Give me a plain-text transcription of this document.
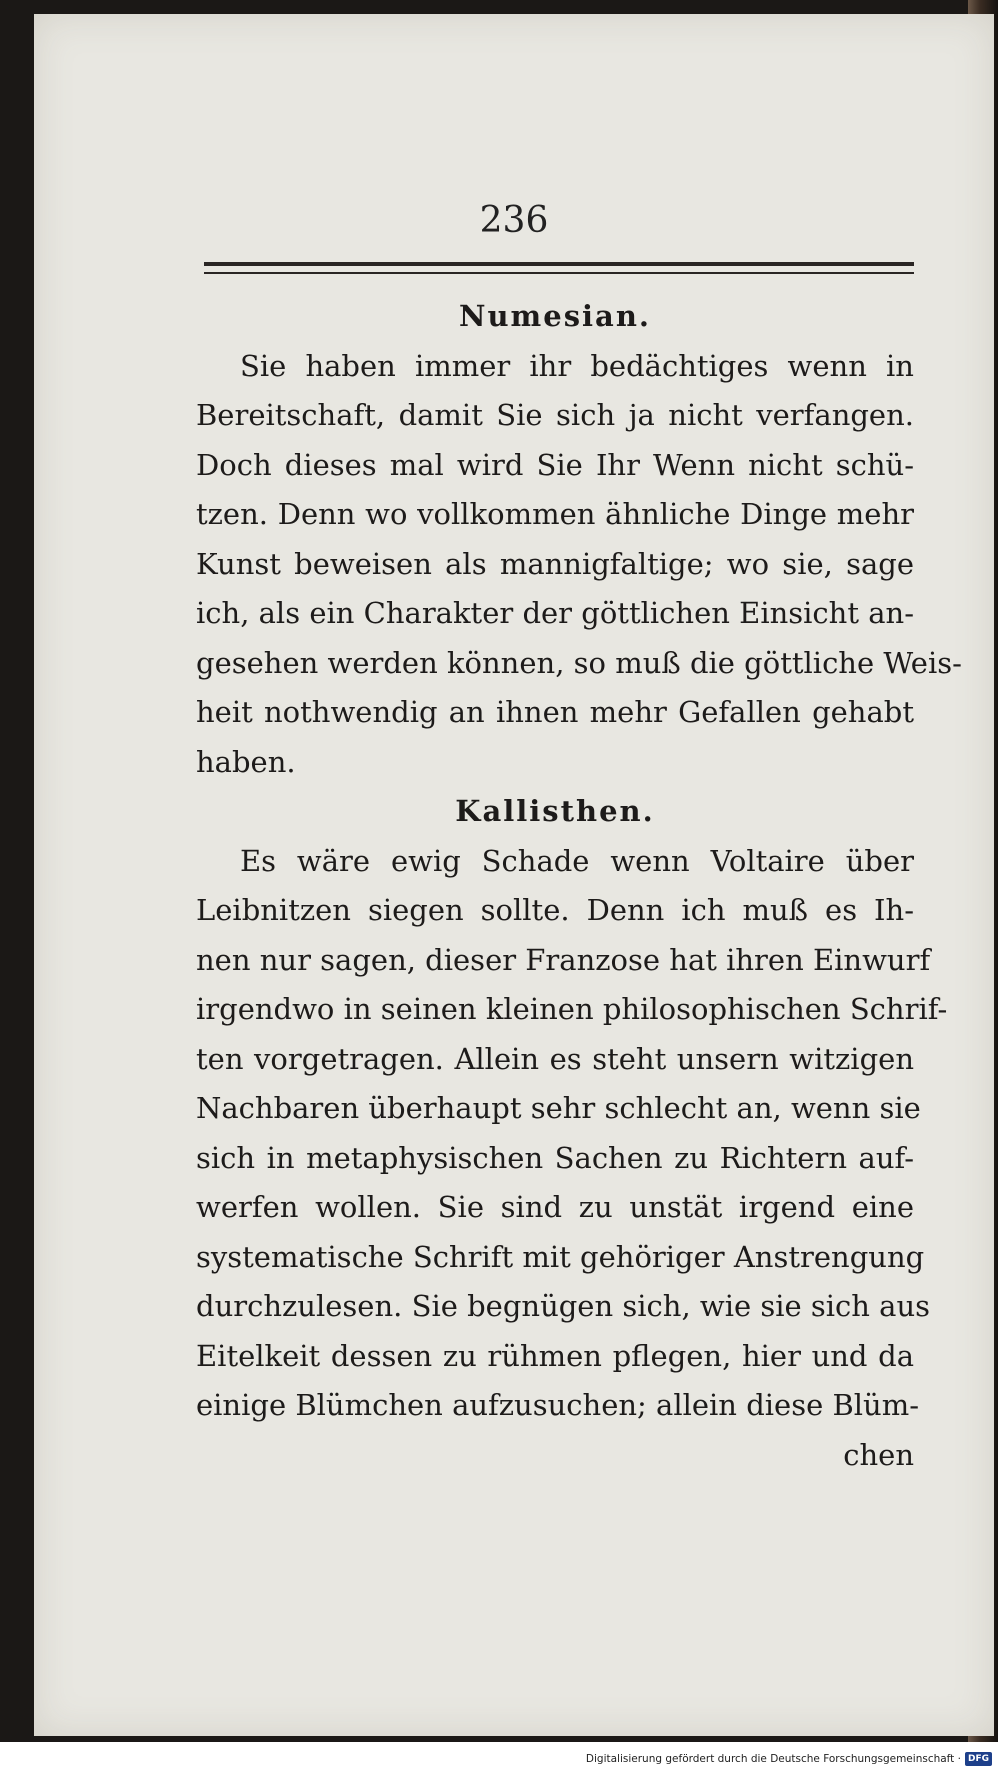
236
Numesian.
Sie haben immer ihr bedächtiges wenn in
Bereitschaft, damit Sie sich ja nicht verfangen.
Doch dieses mal wird Sie Ihr Wenn nicht schü-
tzen. Denn wo vollkommen ähnliche Dinge mehr
Kunst beweisen als mannigfaltige; wo sie, sage
ich, als ein Charakter der göttlichen Einsicht an-
gesehen werden können, so muß die göttliche Weis-
heit nothwendig an ihnen mehr Gefallen gehabt
haben.
Kallisthen.
Es wäre ewig Schade wenn Voltaire über
Leibnitzen siegen sollte. Denn ich muß es Ih-
nen nur sagen, dieser Franzose hat ihren Einwurf
irgendwo in seinen kleinen philosophischen Schrif-
ten vorgetragen. Allein es steht unsern witzigen
Nachbaren überhaupt sehr schlecht an, wenn sie
sich in metaphysischen Sachen zu Richtern auf-
werfen wollen. Sie sind zu unstät irgend eine
systematische Schrift mit gehöriger Anstrengung
durchzulesen. Sie begnügen sich, wie sie sich aus
Eitelkeit dessen zu rühmen pflegen, hier und da
einige Blümchen aufzusuchen; allein diese Blüm-
chen
Digitalisierung gefördert durch die Deutsche Forschungsgemeinschaft · DFG
